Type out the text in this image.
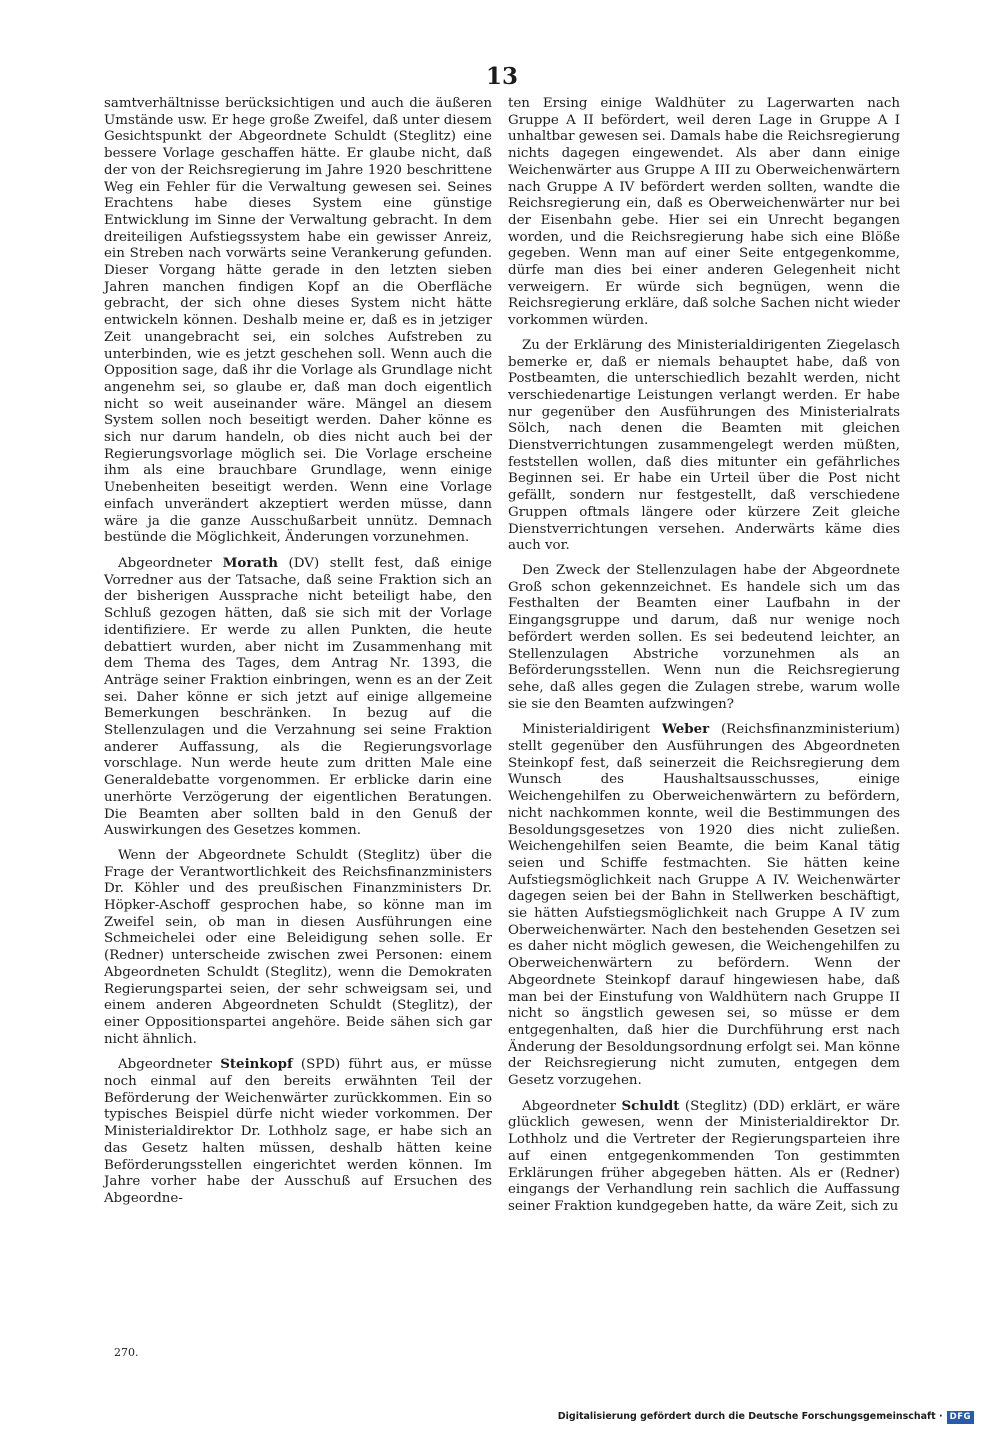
13

samtverhältnisse berücksichtigen und auch die äußeren Umstände usw. Er hege große Zweifel, daß unter diesem Gesichtspunkt der Abgeordnete Schuldt (Steglitz) eine bessere Vorlage geschaffen hätte. Er glaube nicht, daß der von der Reichsregierung im Jahre 1920 beschrittene Weg ein Fehler für die Verwaltung gewesen sei. Seines Erachtens habe dieses System eine günstige Entwicklung im Sinne der Verwaltung gebracht. In dem dreiteiligen Aufstiegssystem habe ein gewisser Anreiz, ein Streben nach vorwärts seine Verankerung gefunden. Dieser Vorgang hätte gerade in den letzten sieben Jahren manchen findigen Kopf an die Oberfläche gebracht, der sich ohne dieses System nicht hätte entwickeln können. Deshalb meine er, daß es in jetziger Zeit unangebracht sei, ein solches Aufstreben zu unterbinden, wie es jetzt geschehen soll. Wenn auch die Opposition sage, daß ihr die Vorlage als Grundlage nicht angenehm sei, so glaube er, daß man doch eigentlich nicht so weit auseinander wäre. Mängel an diesem System sollen noch beseitigt werden. Daher könne es sich nur darum handeln, ob dies nicht auch bei der Regierungsvorlage möglich sei. Die Vorlage erscheine ihm als eine brauchbare Grundlage, wenn einige Unebenheiten beseitigt werden. Wenn eine Vorlage einfach unverändert akzeptiert werden müsse, dann wäre ja die ganze Ausschußarbeit unnütz. Demnach bestünde die Möglichkeit, Änderungen vorzunehmen.

Abgeordneter Morath (DV) stellt fest, daß einige Vorredner aus der Tatsache, daß seine Fraktion sich an der bisherigen Aussprache nicht beteiligt habe, den Schluß gezogen hätten, daß sie sich mit der Vorlage identifiziere. Er werde zu allen Punkten, die heute debattiert wurden, aber nicht im Zusammenhang mit dem Thema des Tages, dem Antrag Nr. 1393, die Anträge seiner Fraktion einbringen, wenn es an der Zeit sei. Daher könne er sich jetzt auf einige allgemeine Bemerkungen beschränken. In bezug auf die Stellenzulagen und die Verzahnung sei seine Fraktion anderer Auffassung, als die Regierungsvorlage vorschlage. Nun werde heute zum dritten Male eine Generaldebatte vorgenommen. Er erblicke darin eine unerhörte Verzögerung der eigentlichen Beratungen. Die Beamten aber sollten bald in den Genuß der Auswirkungen des Gesetzes kommen.

Wenn der Abgeordnete Schuldt (Steglitz) über die Frage der Verantwortlichkeit des Reichsfinanzministers Dr. Köhler und des preußischen Finanzministers Dr. Höpker-Aschoff gesprochen habe, so könne man im Zweifel sein, ob man in diesen Ausführungen eine Schmeichelei oder eine Beleidigung sehen solle. Er (Redner) unterscheide zwischen zwei Personen: einem Abgeordneten Schuldt (Steglitz), wenn die Demokraten Regierungspartei seien, der sehr schweigsam sei, und einem anderen Abgeordneten Schuldt (Steglitz), der einer Oppositionspartei angehöre. Beide sähen sich gar nicht ähnlich.

Abgeordneter Steinkopf (SPD) führt aus, er müsse noch einmal auf den bereits erwähnten Teil der Beförderung der Weichenwärter zurückkommen. Ein so typisches Beispiel dürfe nicht wieder vorkommen. Der Ministerialdirektor Dr. Lothholz sage, er habe sich an das Gesetz halten müssen, deshalb hätten keine Beförderungsstellen eingerichtet werden können. Im Jahre vorher habe der Ausschuß auf Ersuchen des Abgeordne-

ten Ersing einige Waldhüter zu Lagerwarten nach Gruppe A II befördert, weil deren Lage in Gruppe A I unhaltbar gewesen sei. Damals habe die Reichsregierung nichts dagegen eingewendet. Als aber dann einige Weichenwärter aus Gruppe A III zu Oberweichenwärtern nach Gruppe A IV befördert werden sollten, wandte die Reichsregierung ein, daß es Oberweichenwärter nur bei der Eisenbahn gebe. Hier sei ein Unrecht begangen worden, und die Reichsregierung habe sich eine Blöße gegeben. Wenn man auf einer Seite entgegenkomme, dürfe man dies bei einer anderen Gelegenheit nicht verweigern. Er würde sich begnügen, wenn die Reichsregierung erkläre, daß solche Sachen nicht wieder vorkommen würden.

Zu der Erklärung des Ministerialdirigenten Ziegelasch bemerke er, daß er niemals behauptet habe, daß von Postbeamten, die unterschiedlich bezahlt werden, nicht verschiedenartige Leistungen verlangt werden. Er habe nur gegenüber den Ausführungen des Ministerialrats Sölch, nach denen die Beamten mit gleichen Dienstverrichtungen zusammengelegt werden müßten, feststellen wollen, daß dies mitunter ein gefährliches Beginnen sei. Er habe ein Urteil über die Post nicht gefällt, sondern nur festgestellt, daß verschiedene Gruppen oftmals längere oder kürzere Zeit gleiche Dienstverrichtungen versehen. Anderwärts käme dies auch vor.

Den Zweck der Stellenzulagen habe der Abgeordnete Groß schon gekennzeichnet. Es handele sich um das Festhalten der Beamten einer Laufbahn in der Eingangsgruppe und darum, daß nur wenige noch befördert werden sollen. Es sei bedeutend leichter, an Stellenzulagen Abstriche vorzunehmen als an Beförderungsstellen. Wenn nun die Reichsregierung sehe, daß alles gegen die Zulagen strebe, warum wolle sie sie den Beamten aufzwingen?

Ministerialdirigent Weber (Reichsfinanzministerium) stellt gegenüber den Ausführungen des Abgeordneten Steinkopf fest, daß seinerzeit die Reichsregierung dem Wunsch des Haushaltsausschusses, einige Weichengehilfen zu Oberweichenwärtern zu befördern, nicht nachkommen konnte, weil die Bestimmungen des Besoldungsgesetzes von 1920 dies nicht zuließen. Weichengehilfen seien Beamte, die beim Kanal tätig seien und Schiffe festmachten. Sie hätten keine Aufstiegsmöglichkeit nach Gruppe A IV. Weichenwärter dagegen seien bei der Bahn in Stellwerken beschäftigt, sie hätten Aufstiegsmöglichkeit nach Gruppe A IV zum Oberweichenwärter. Nach den bestehenden Gesetzen sei es daher nicht möglich gewesen, die Weichengehilfen zu Oberweichenwärtern zu befördern. Wenn der Abgeordnete Steinkopf darauf hingewiesen habe, daß man bei der Einstufung von Waldhütern nach Gruppe II nicht so ängstlich gewesen sei, so müsse er dem entgegenhalten, daß hier die Durchführung erst nach Änderung der Besoldungsordnung erfolgt sei. Man könne der Reichsregierung nicht zumuten, entgegen dem Gesetz vorzugehen.

Abgeordneter Schuldt (Steglitz) (DD) erklärt, er wäre glücklich gewesen, wenn der Ministerialdirektor Dr. Lothholz und die Vertreter der Regierungsparteien ihre auf einen entgegenkommenden Ton gestimmten Erklärungen früher abgegeben hätten. Als er (Redner) eingangs der Verhandlung rein sachlich die Auffassung seiner Fraktion kundgegeben hatte, da wäre Zeit, sich zu

270.
Digitalisierung gefördert durch die Deutsche Forschungsgemeinschaft · DFG
